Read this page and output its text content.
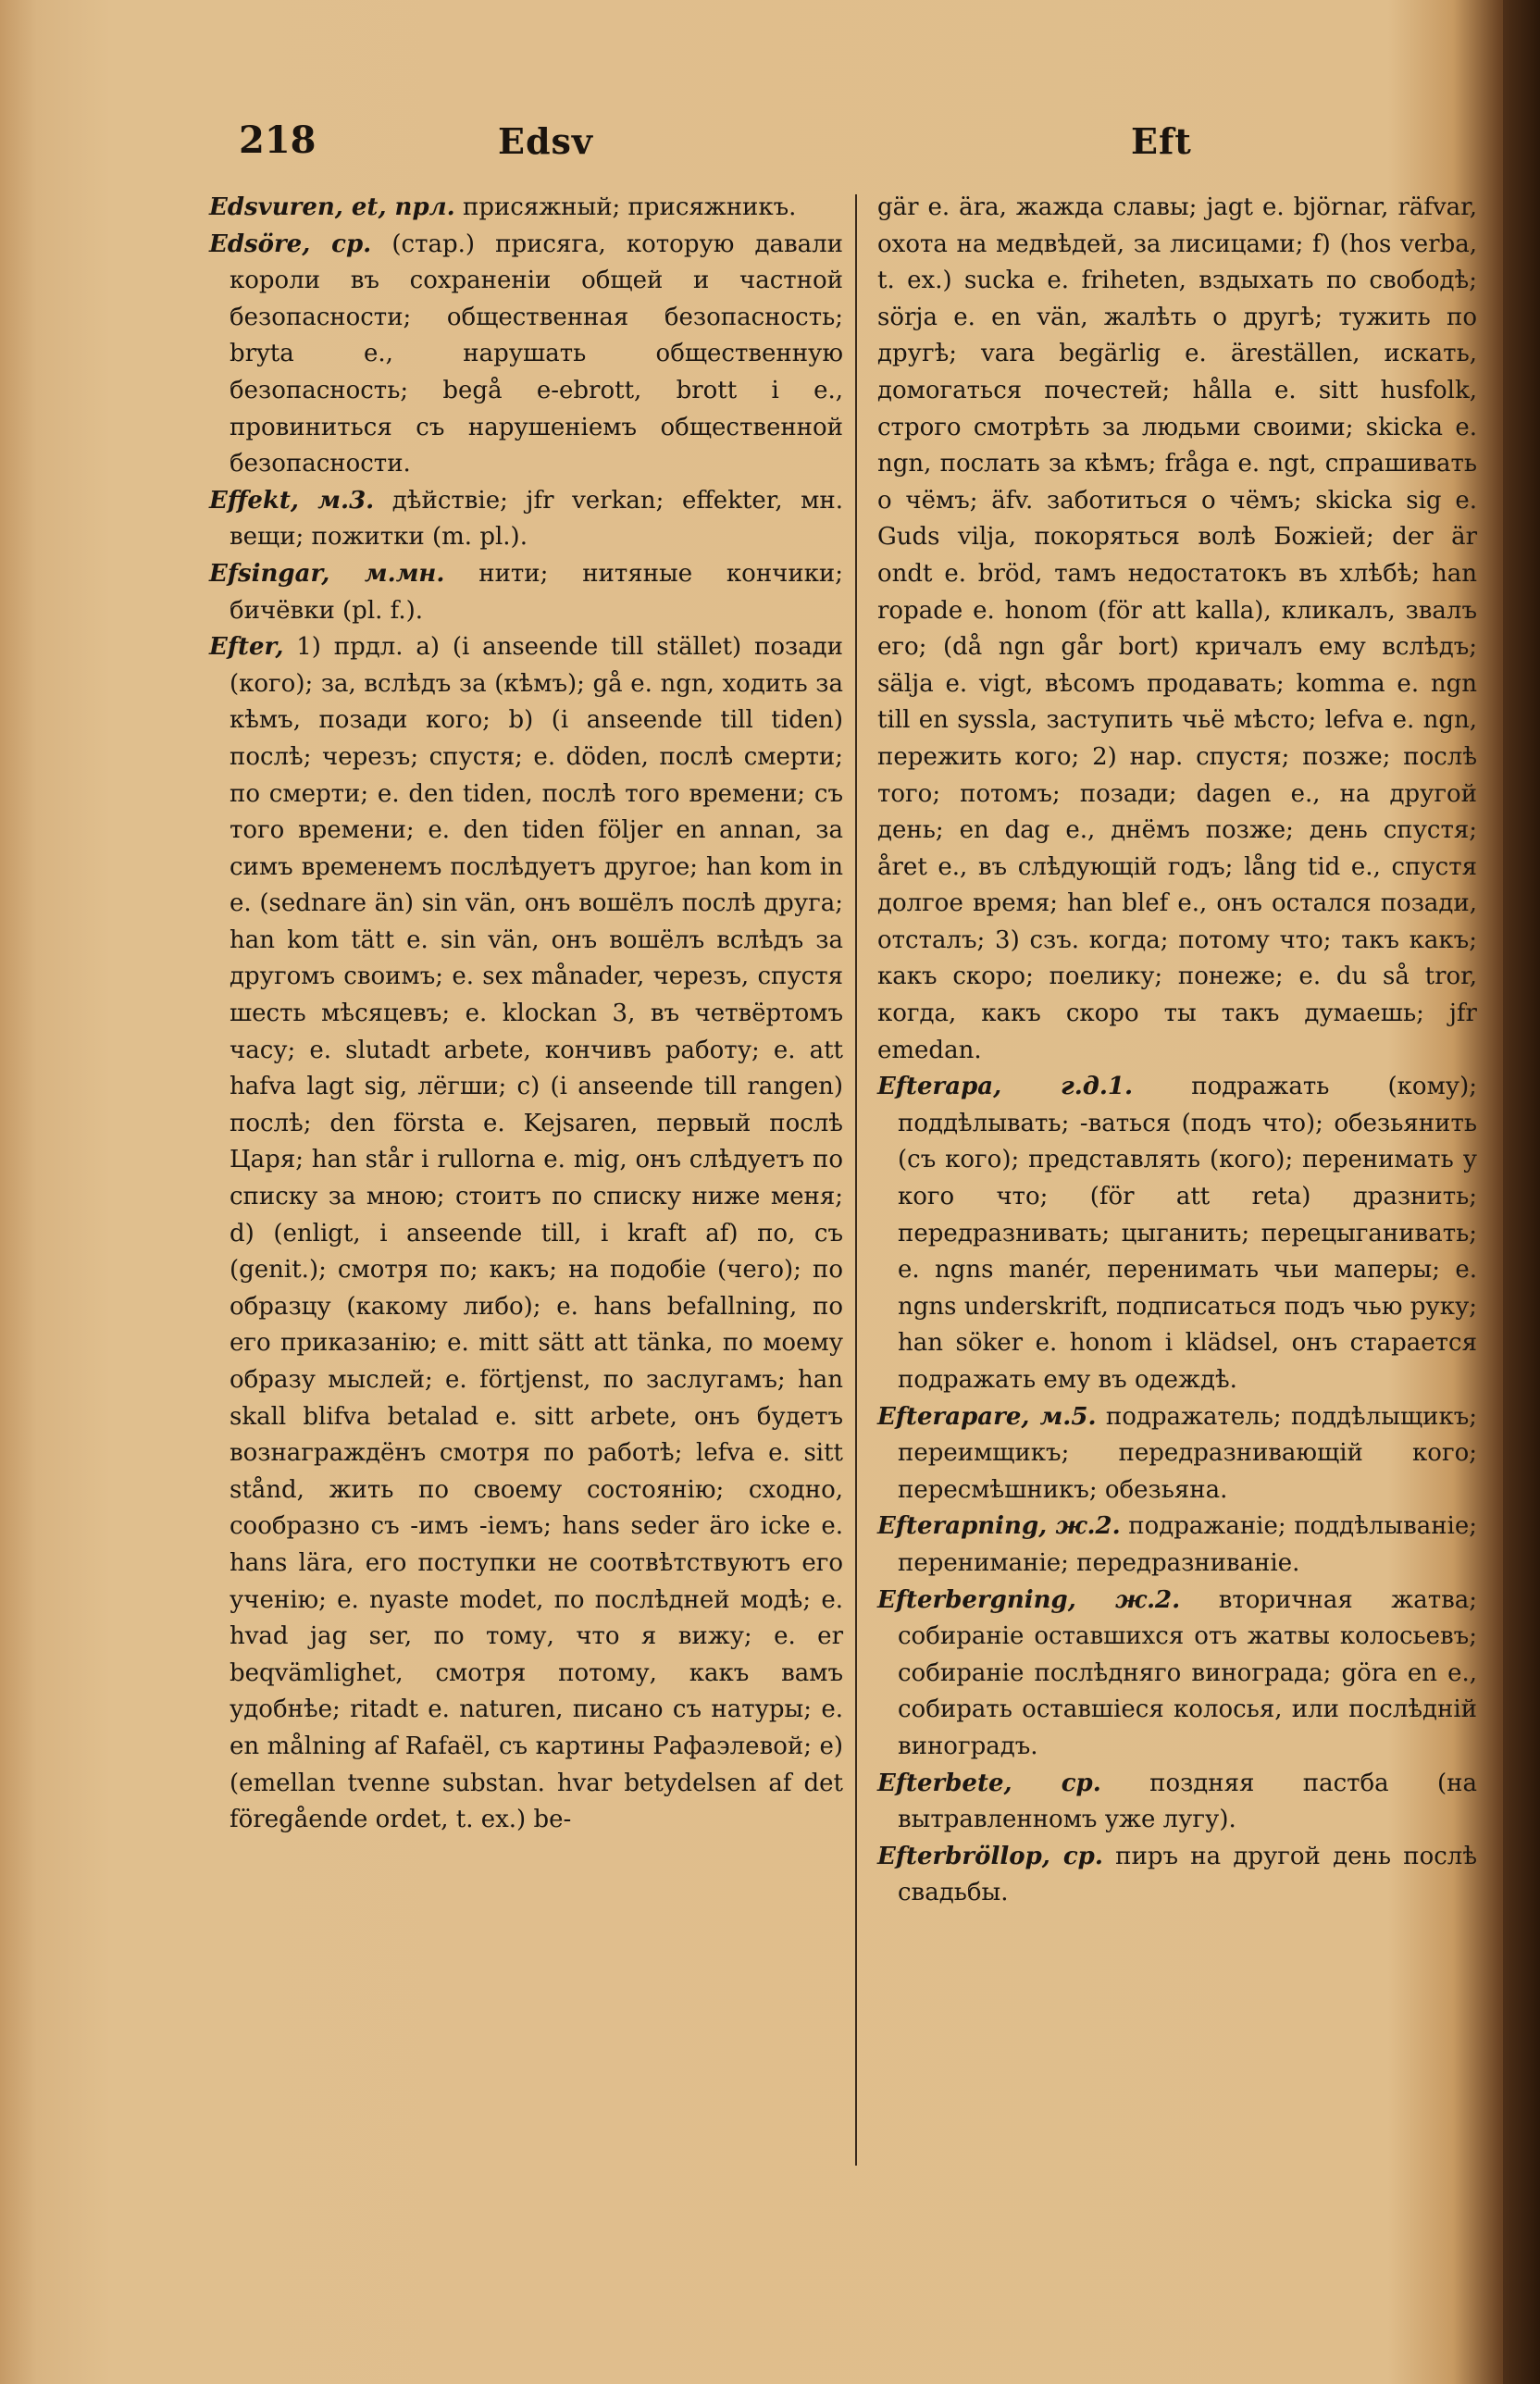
218	Edsv	Eft

Edsvuren, et, прл. присяжный; присяжникъ.

Edsöre, ср. (стар.) присяга, которую давали короли въ сохраненіи общей и частной безопасности; общественная безопасность; bryta e., нарушать общественную безопасность; begå e-ebrott, brott i e., провиниться съ нарушеніемъ общественной безопасности.

Effekt, м.3. дѣйствіе; jfr verkan; effekter, мн. вещи; пожитки (m. pl.).

Efsingar, м.мн. нити; нитяные кончики; бичёвки (pl. f.).

Efter, 1) прдл. a) (i anseende till stället) позади (кого); за, вслѣдъ за (кѣмъ); gå e. ngn, ходить за кѣмъ, позади кого; b) (i anseende till tiden) послѣ; черезъ; спустя; e. döden, послѣ смерти; по смерти; e. den tiden, послѣ того времени; съ того времени; e. den tiden följer en annan, за симъ временемъ послѣдуетъ другое; han kom in e. (sednare än) sin vän, онъ вошёлъ послѣ друга; han kom tätt e. sin vän, онъ вошёлъ вслѣдъ за другомъ своимъ; e. sex månader, черезъ, спустя шесть мѣсяцевъ; e. klockan 3, въ четвёртомъ часу; e. slutadt arbete, кончивъ работу; e. att hafva lagt sig, лёгши; c) (i anseende till rangen) послѣ; den första e. Kejsaren, первый послѣ Царя; han står i rullorna e. mig, онъ слѣдуетъ по списку за мною; стоитъ по списку ниже меня; d) (enligt, i anseende till, i kraft af) по, съ (genit.); смотря по; какъ; на подобіе (чего); по образцу (какому либо); e. hans befallning, по его приказанію; e. mitt sätt att tänka, по моему образу мыслей; e. förtjenst, по заслугамъ; han skall blifva betalad e. sitt arbete, онъ будетъ вознаграждёнъ смотря по работѣ; lefva e. sitt stånd, жить по своему состоянію; сходно, сообразно съ -имъ -іемъ; hans seder äro icke e. hans lära, его поступки не соотвѣтствуютъ его ученію; e. nyaste modet, по послѣдней модѣ; e. hvad jag ser, по тому, что я вижу; e. er beqvämlighet, смотря потому, какъ вамъ удобнѣе; ritadt e. naturen, писано съ натуры; e. en målning af Rafaël, съ картины Рафаэлевой; e) (emellan tvenne substan. hvar betydelsen af det föregående ordet, t. ex.) be-

gär e. ära, жажда славы; jagt e. björnar, räfvar, охота на медвѣдей, за лисицами; f) (hos verba, t. ex.) sucka e. friheten, вздыхать по свободѣ; sörja e. en vän, жалѣть о другѣ; тужить по другѣ; vara begärlig e. äreställen, искать, домогаться почестей; hålla e. sitt husfolk, строго смотрѣть за людьми своими; skicka e. ngn, послать за кѣмъ; fråga e. ngt, спрашивать о чёмъ; äfv. заботиться о чёмъ; skicka sig e. Guds vilja, покоряться волѣ Божіей; der är ondt e. bröd, тамъ недостатокъ въ хлѣбѣ; han ropade e. honom (för att kalla), кликалъ, звалъ его; (då ngn går bort) кричалъ ему вслѣдъ; sälja e. vigt, вѣсомъ продавать; komma e. ngn till en syssla, заступить чьё мѣсто; lefva e. ngn, пережить кого; 2) нар. спустя; позже; послѣ того; потомъ; позади; dagen e., на другой день; en dag e., днёмъ позже; день спустя; året e., въ слѣдующій годъ; lång tid e., спустя долгое время; han blef e., онъ остался позади, отсталъ; 3) сзъ. когда; потому что; такъ какъ; какъ скоро; поелику; понеже; e. du så tror, когда, какъ скоро ты такъ думаешь; jfr emedan.

Efterapa, г.д.1. подражать (кому); поддѣлывать; -ваться (подъ что); обезьянить (съ кого); представлять (кого); перенимать у кого что; (för att reta) дразнить; передразнивать; цыганить; перецыганивать; e. ngns manér, перенимать чьи маперы; e. ngns underskrift, подписаться подъ чью руку; han söker e. honom i klädsel, онъ старается подражать ему въ одеждѣ.

Efterapare, м.5. подражатель; поддѣлыщикъ; переимщикъ; передразнивающій кого; пересмѣшникъ; обезьяна.

Efterapning, ж.2. подражаніе; поддѣлываніе; перениманіе; передразниваніе.

Efterbergning, ж.2. вторичная жатва; собираніе оставшихся отъ жатвы колосьевъ; собираніе послѣдняго винограда; göra en e., собирать оставшіеся колосья, или послѣдній виноградъ.

Efterbete, ср. поздняя пастба (на вытравленномъ уже лугу).

Efterbröllop, ср. пиръ на другой день послѣ свадьбы.
